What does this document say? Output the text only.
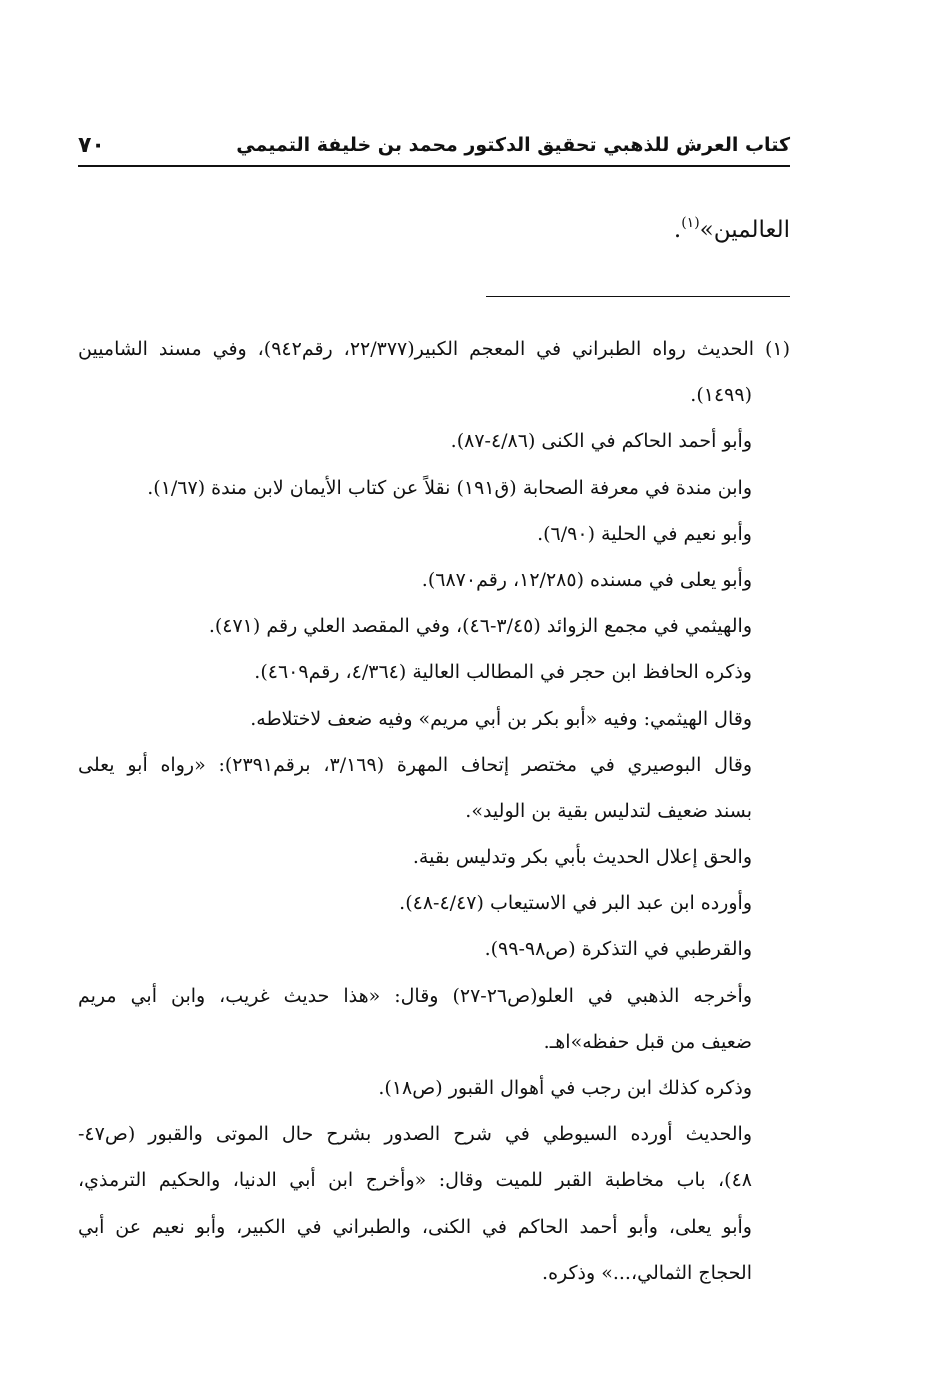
كتاب العرش للذهبي تحقيق الدكتور محمد بن خليفة التميمي
٧٠
العالمين»$^{(١)}$.
(١) الحديث رواه الطبراني في المعجم الكبير(٢٢/٣٧٧، رقم٩٤٢)، وفي مسند الشاميين
(١٤٩٩).
وأبو أحمد الحاكم في الكنى (٤/٨٦-٨٧).
وابن مندة في معرفة الصحابة (ق١٩١) نقلاً عن كتاب الأيمان لابن مندة (١/٦٧).
وأبو نعيم في الحلية (٦/٩٠).
وأبو يعلى في مسنده (١٢/٢٨٥، رقم٦٨٧٠).
والهيثمي في مجمع الزوائد (٣/٤٥-٤٦)، وفي المقصد العلي رقم (٤٧١).
وذكره الحافظ ابن حجر في المطالب العالية (٤/٣٦٤، رقم٤٦٠٩).
وقال الهيثمي: وفيه «أبو بكر بن أبي مريم» وفيه ضعف لاختلاطه.
وقال البوصيري في مختصر إتحاف المهرة (٣/١٦٩، برقم٢٣٩١): «رواه أبو يعلى
بسند ضعيف لتدليس بقية بن الوليد».
والحق إعلال الحديث بأبي بكر وتدليس بقية.
وأورده ابن عبد البر في الاستيعاب (٤/٤٧-٤٨).
والقرطبي في التذكرة (ص٩٨-٩٩).
وأخرجه الذهبي في العلو(ص٢٦-٢٧) وقال: «هذا حديث غريب، وابن أبي مريم
ضعيف من قبل حفظه»اهـ.
وذكره كذلك ابن رجب في أهوال القبور (ص١٨).
والحديث أورده السيوطي في شرح الصدور بشرح حال الموتى والقبور (ص٤٧-
٤٨)، باب مخاطبة القبر للميت وقال: «وأخرج ابن أبي الدنيا، والحكيم الترمذي،
وأبو يعلى، وأبو أحمد الحاكم في الكنى، والطبراني في الكبير، وأبو نعيم عن أبي
الحجاج الثمالي،...» وذكره.
